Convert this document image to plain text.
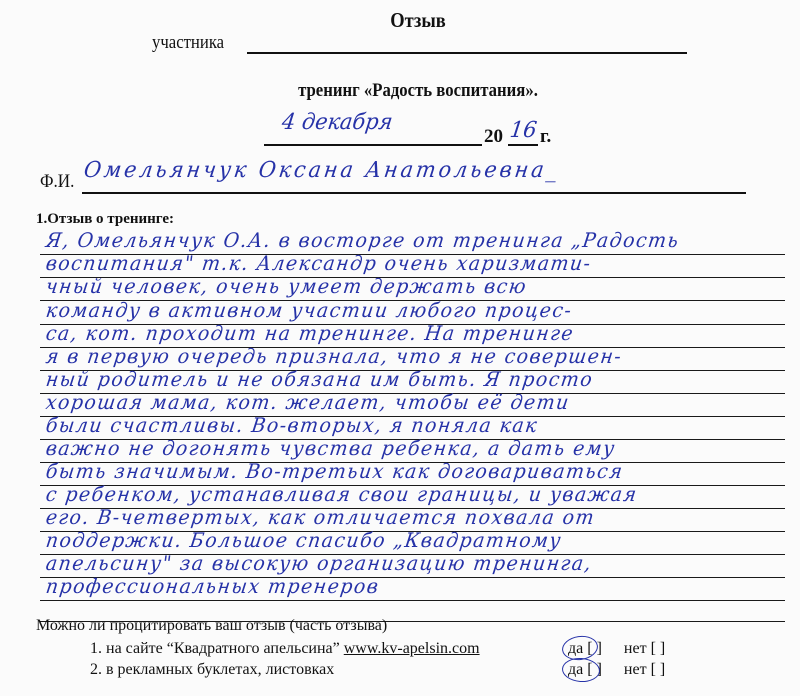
Отзыв
участника
тренинг «Радость воспитания».
4 декабря
20 16 г.
Ф.И. Омельянчук Оксана Анатольевна_
1.Отзыв о тренинге:
Я, Омельянчук О.А. в восторге от тренинга „Радость
воспитания" т.к. Александр очень харизмати-
чный человек, очень умеет держать всю
команду в активном участии любого процес-
са, кот. проходит на тренинге. На тренинге
я в первую очередь признала, что я не совершен-
ный родитель и не обязана им быть. Я просто
хорошая мама, кот. желает, чтобы её дети
были счастливы. Во-вторых, я поняла как
важно не догонять чувства ребенка, а дать ему
быть значимым. Во-третьих как договариваться
с ребенком, устанавливая свои границы, и уважая
его. В-четвертых, как отличается похвала от
поддержки. Большое спасибо „Квадратному
апельсину" за высокую организацию тренинга,
профессиональных тренеров
Можно ли процитировать ваш отзыв (часть отзыва)
1. на сайте “Квадратного апельсина” www.kv-apelsin.com	да [ ] нет [ ]
2. в рекламных буклетах, листовках	да [ ] нет [ ]
